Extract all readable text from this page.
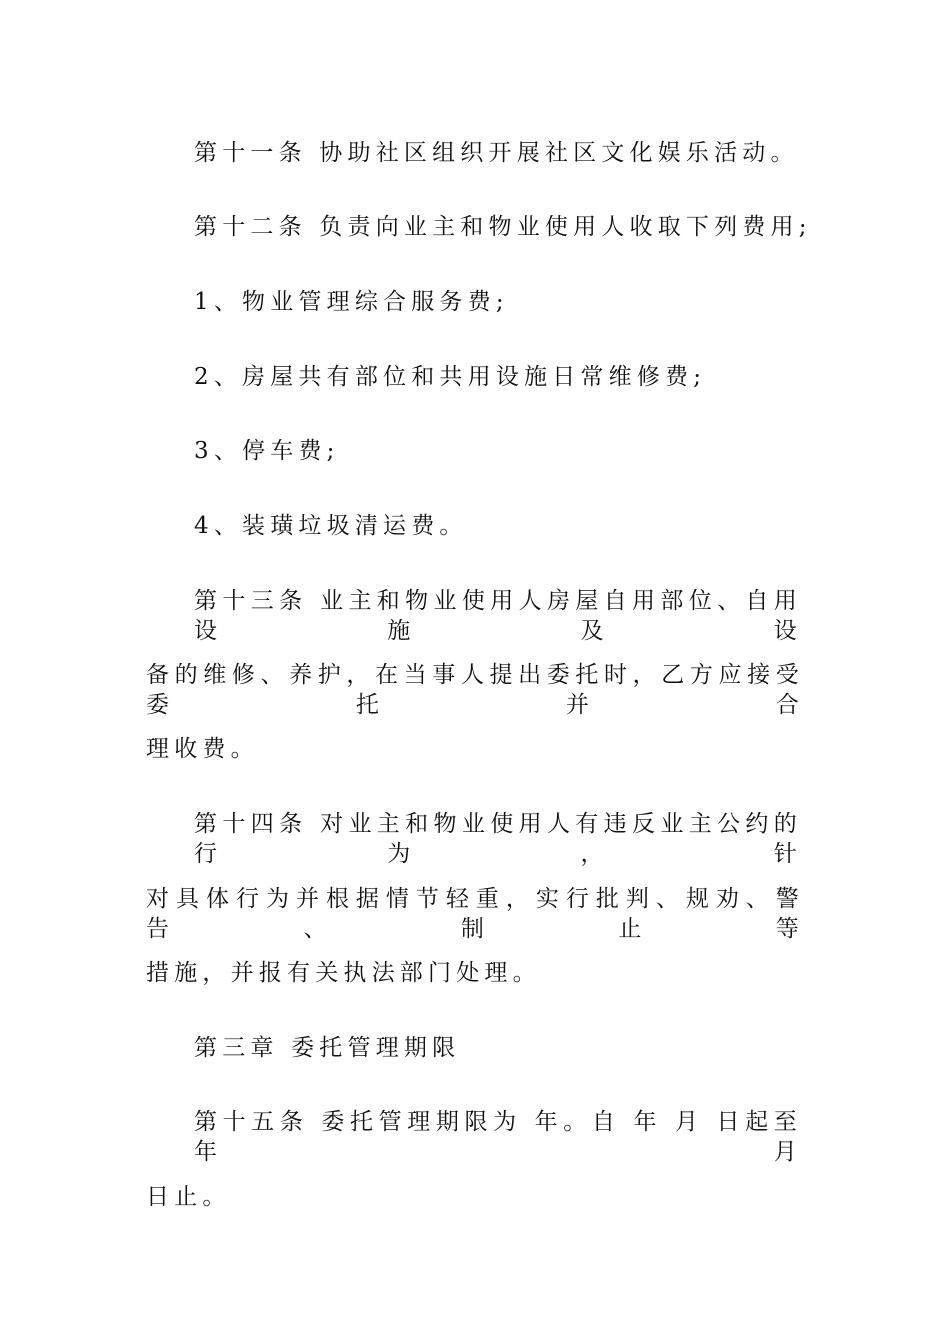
第十一条 协助社区组织开展社区文化娱乐活动。
第十二条 负责向业主和物业使用人收取下列费用;
1、物业管理综合服务费;
2、房屋共有部位和共用设施日常维修费;
3、停车费;
4、装璜垃圾清运费。
第十三条 业主和物业使用人房屋自用部位、自用设施及设
备的维修、养护，在当事人提出委托时，乙方应接受委托并合
理收费。
第十四条 对业主和物业使用人有违反业主公约的行为，针
对具体行为并根据情节轻重，实行批判、规劝、警告、制止等
措施，并报有关执法部门处理。
第三章 委托管理期限
第十五条 委托管理期限为 年。自 年 月 日起至 年 月
日止。
